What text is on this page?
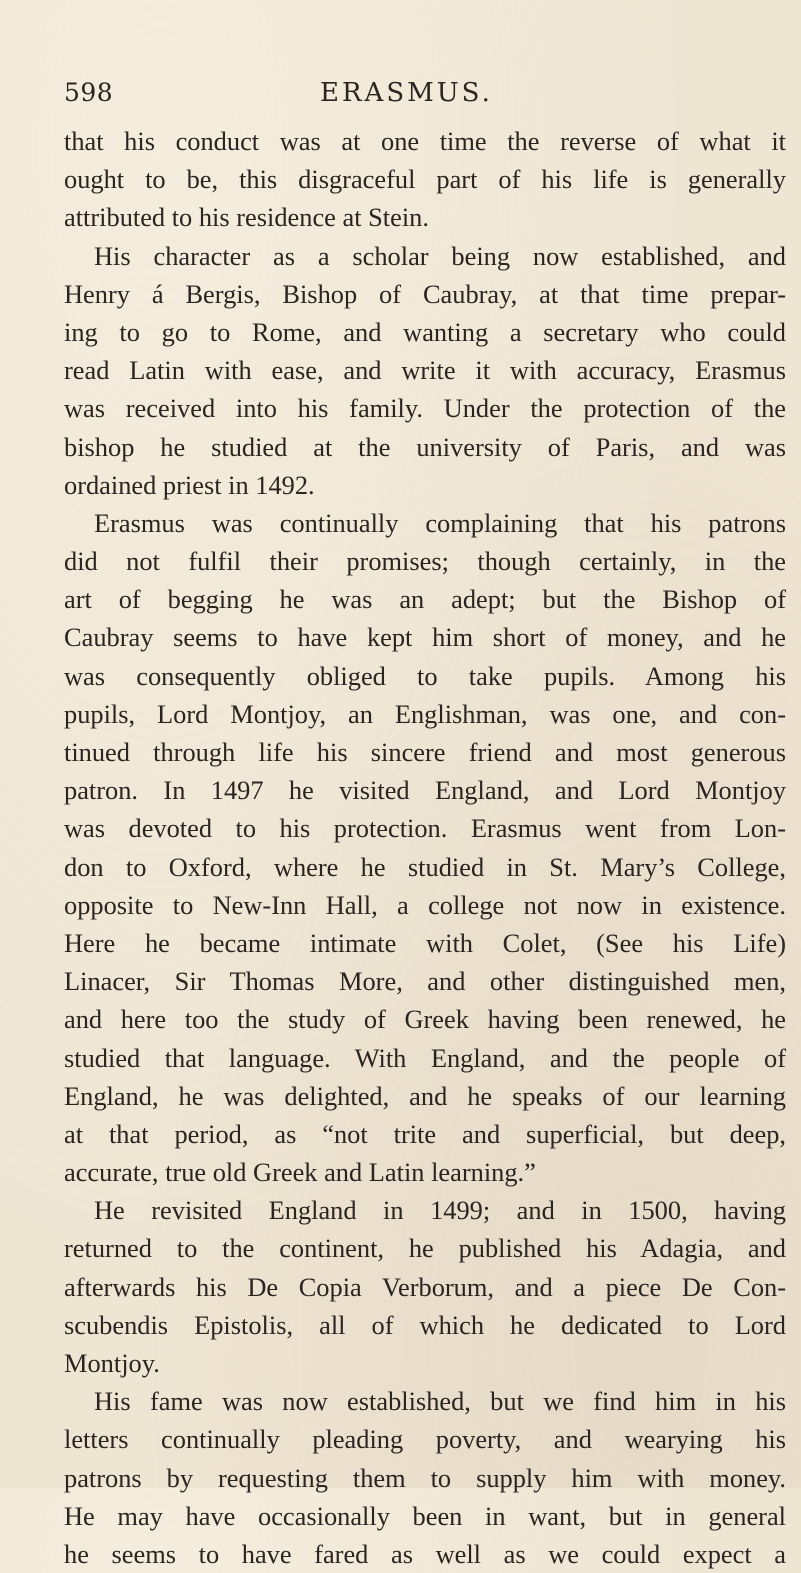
598	ERASMUS.
that his conduct was at one time the reverse of what it
ought to be, this disgraceful part of his life is generally
attributed to his residence at Stein.
His character as a scholar being now established, and
Henry á Bergis, Bishop of Caubray, at that time prepar-
ing to go to Rome, and wanting a secretary who could
read Latin with ease, and write it with accuracy, Erasmus
was received into his family. Under the protection of the
bishop he studied at the university of Paris, and was
ordained priest in 1492.
Erasmus was continually complaining that his patrons
did not fulfil their promises; though certainly, in the
art of begging he was an adept; but the Bishop of
Caubray seems to have kept him short of money, and he
was consequently obliged to take pupils. Among his
pupils, Lord Montjoy, an Englishman, was one, and con-
tinued through life his sincere friend and most generous
patron. In 1497 he visited England, and Lord Montjoy
was devoted to his protection. Erasmus went from Lon-
don to Oxford, where he studied in St. Mary’s College,
opposite to New-Inn Hall, a college not now in existence.
Here he became intimate with Colet, (See his Life)
Linacer, Sir Thomas More, and other distinguished men,
and here too the study of Greek having been renewed, he
studied that language. With England, and the people of
England, he was delighted, and he speaks of our learning
at that period, as “not trite and superficial, but deep,
accurate, true old Greek and Latin learning.”
He revisited England in 1499; and in 1500, having
returned to the continent, he published his Adagia, and
afterwards his De Copia Verborum, and a piece De Con-
scubendis Epistolis, all of which he dedicated to Lord
Montjoy.
His fame was now established, but we find him in his
letters continually pleading poverty, and wearying his
patrons by requesting them to supply him with money.
He may have occasionally been in want, but in general
he seems to have fared as well as we could expect a
